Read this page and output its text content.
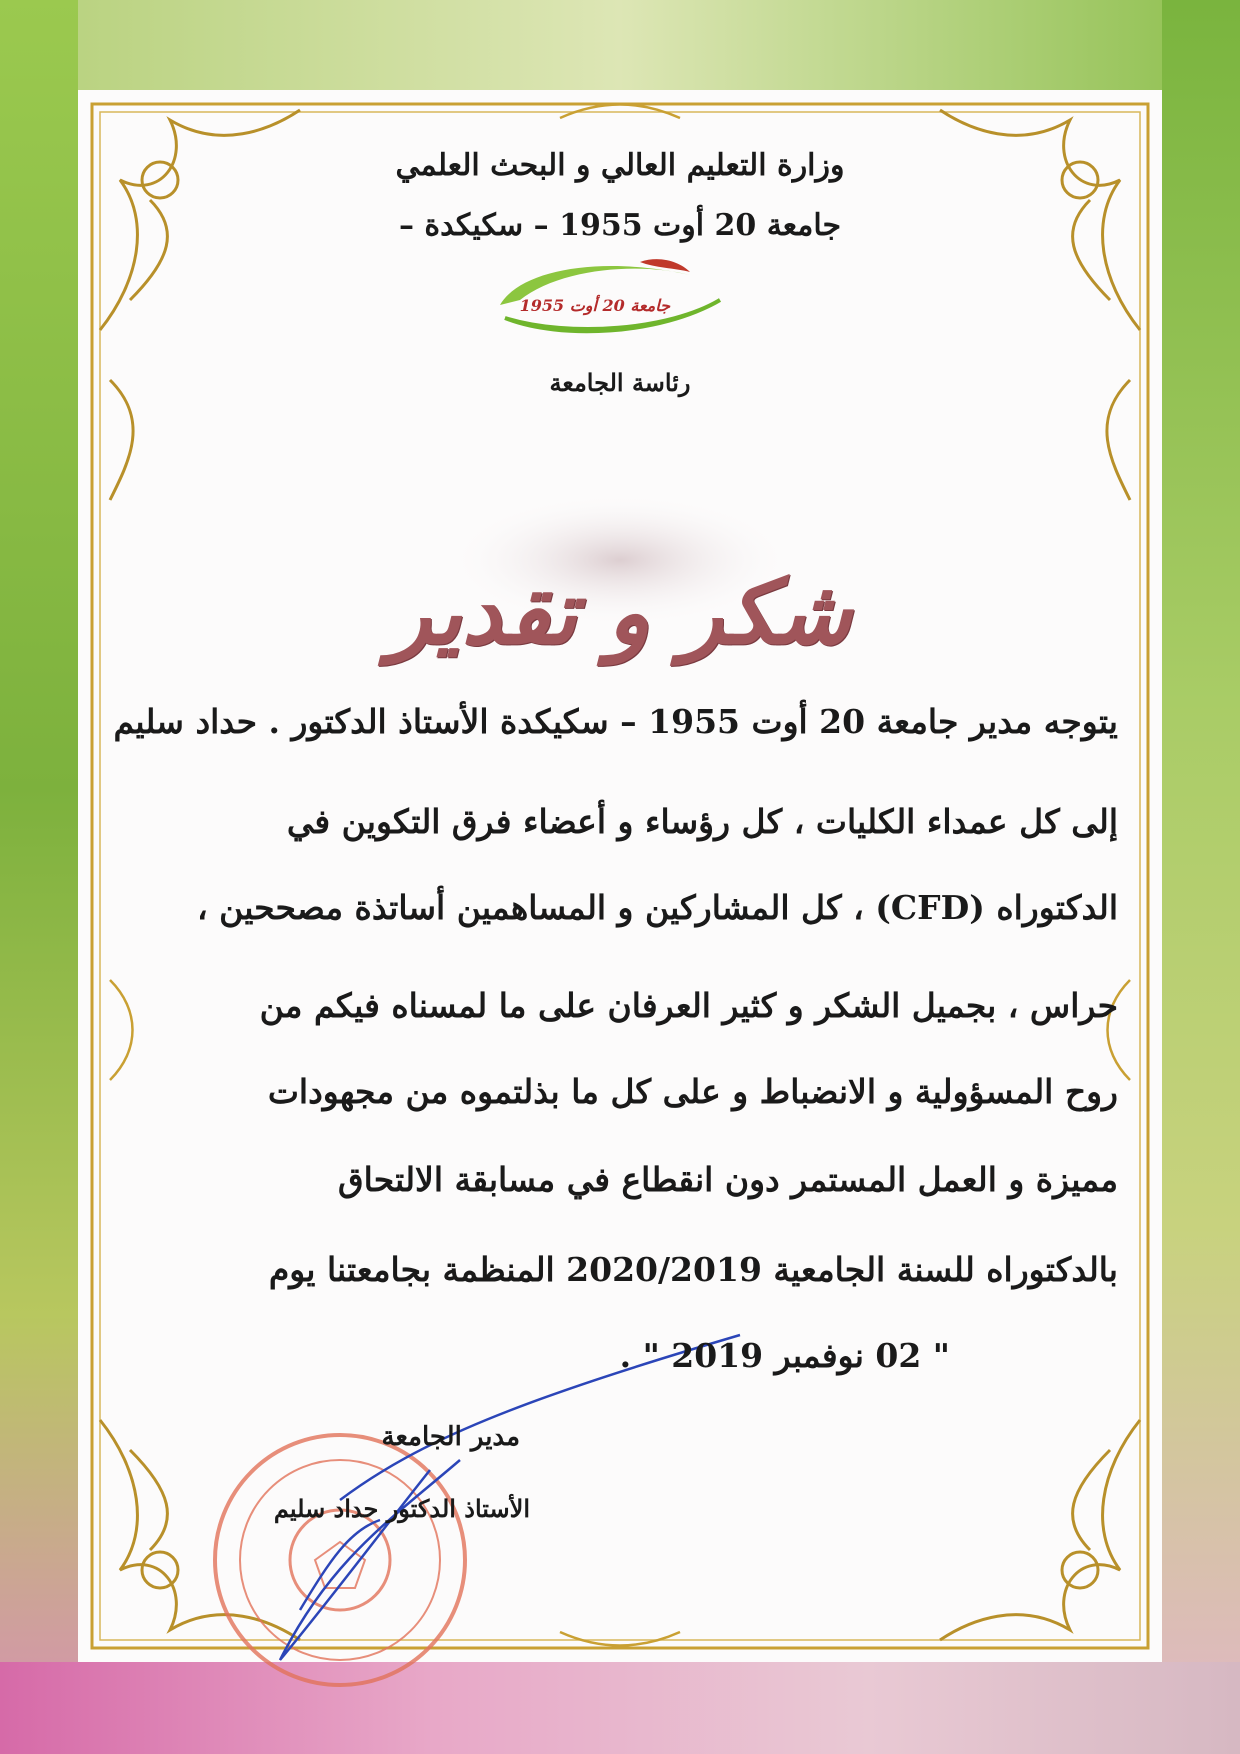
وزارة التعليم العالي و البحث العلمي
جامعة 20 أوت 1955 – سكيكدة –
جامعة 20 أوت 1955
رئاسة الجامعة
شكر و تقدير
يتوجه مدير جامعة 20 أوت 1955 – سكيكدة الأستاذ الدكتور . حداد سليم
إلى كل عمداء الكليات ، كل رؤساء و أعضاء فرق التكوين في
الدكتوراه (CFD) ، كل المشاركين و المساهمين أساتذة مصححين ،
حراس ، بجميل الشكر و كثير العرفان على ما لمسناه فيكم من
روح المسؤولية و الانضباط و على كل ما بذلتموه من مجهودات
مميزة و العمل المستمر دون انقطاع في مسابقة الالتحاق
بالدكتوراه للسنة الجامعية 2020/2019 المنظمة بجامعتنا يوم
" 02 نوفمبر 2019 " .
مدير الجامعة
الأستاذ الدكتور حداد سليم
